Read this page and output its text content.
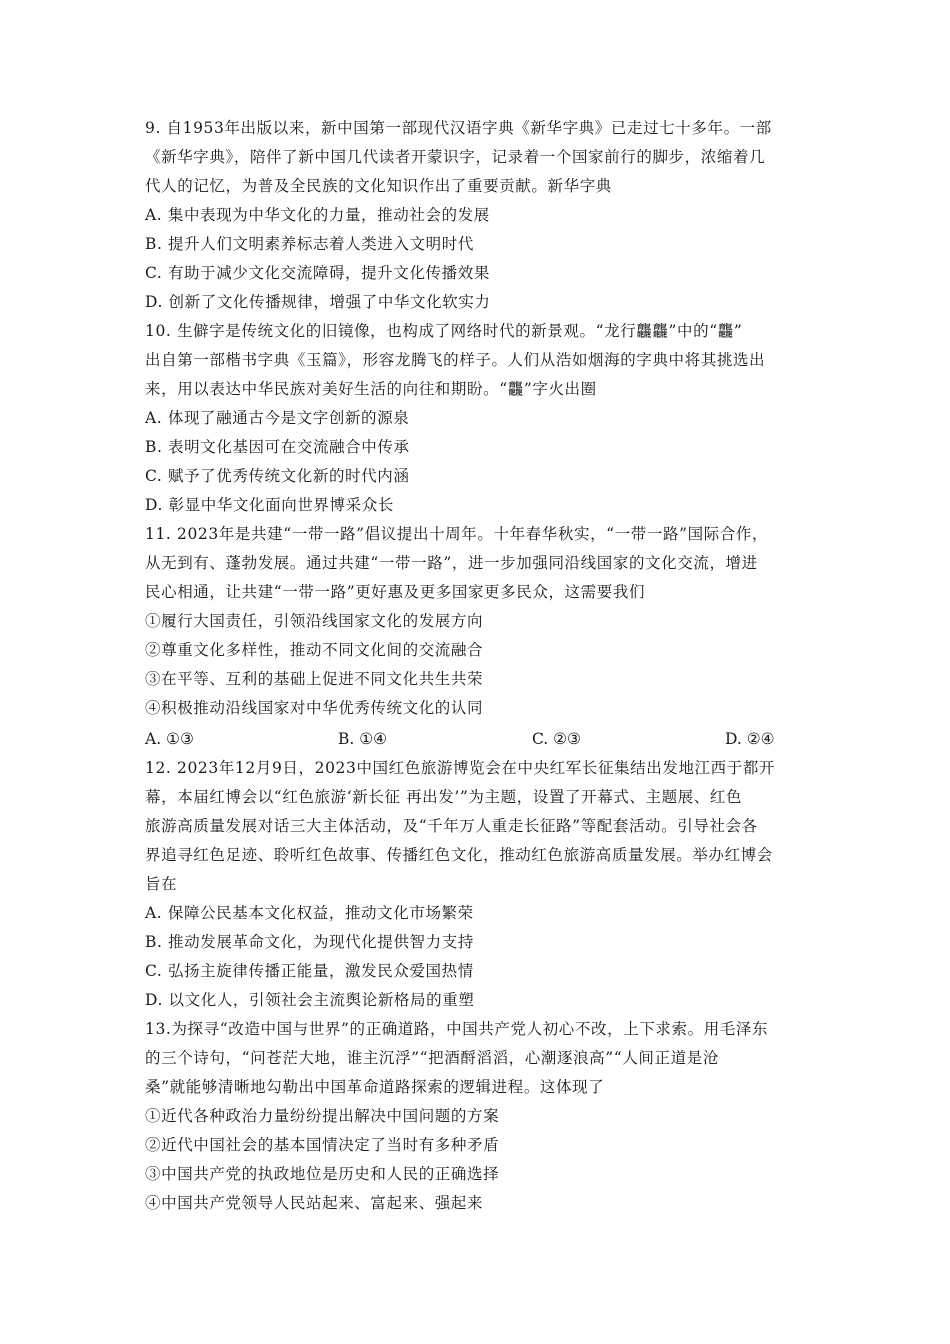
9. 自1953年出版以来，新中国第一部现代汉语字典《新华字典》已走过七十多年。一部
《新华字典》，陪伴了新中国几代读者开蒙识字，记录着一个国家前行的脚步，浓缩着几
代人的记忆，为普及全民族的文化知识作出了重要贡献。新华字典
A. 集中表现为中华文化的力量，推动社会的发展
B. 提升人们文明素养标志着人类进入文明时代
C. 有助于减少文化交流障碍，提升文化传播效果
D. 创新了文化传播规律，增强了中华文化软实力
10. 生僻字是传统文化的旧镜像，也构成了网络时代的新景观。“龙行龘龘”中的“龘”
出自第一部楷书字典《玉篇》，形容龙腾飞的样子。人们从浩如烟海的字典中将其挑选出
来，用以表达中华民族对美好生活的向往和期盼。“龘”字火出圈
A. 体现了融通古今是文字创新的源泉
B. 表明文化基因可在交流融合中传承
C. 赋予了优秀传统文化新的时代内涵
D. 彰显中华文化面向世界博采众长
11. 2023年是共建“一带一路”倡议提出十周年。十年春华秋实，“一带一路”国际合作，
从无到有、蓬勃发展。通过共建“一带一路”，进一步加强同沿线国家的文化交流，增进
民心相通，让共建“一带一路”更好惠及更多国家更多民众，这需要我们
①履行大国责任，引领沿线国家文化的发展方向
②尊重文化多样性，推动不同文化间的交流融合
③在平等、互利的基础上促进不同文化共生共荣
④积极推动沿线国家对中华优秀传统文化的认同
A. ①③	B. ①④	C. ②③	D. ②④
12. 2023年12月9日，2023中国红色旅游博览会在中央红军长征集结出发地江西于都开
幕，本届红博会以“红色旅游‘新长征 再出发’”为主题，设置了开幕式、主题展、红色
旅游高质量发展对话三大主体活动，及“千年万人重走长征路”等配套活动。引导社会各
界追寻红色足迹、聆听红色故事、传播红色文化，推动红色旅游高质量发展。举办红博会
旨在
A. 保障公民基本文化权益，推动文化市场繁荣
B. 推动发展革命文化，为现代化提供智力支持
C. 弘扬主旋律传播正能量，激发民众爱国热情
D. 以文化人，引领社会主流舆论新格局的重塑
13.为探寻“改造中国与世界”的正确道路，中国共产党人初心不改，上下求索。用毛泽东
的三个诗句，“问苍茫大地，谁主沉浮”“把酒酹滔滔，心潮逐浪高”“人间正道是沧
桑”就能够清晰地勾勒出中国革命道路探索的逻辑进程。这体现了
①近代各种政治力量纷纷提出解决中国问题的方案
②近代中国社会的基本国情决定了当时有多种矛盾
③中国共产党的执政地位是历史和人民的正确选择
④中国共产党领导人民站起来、富起来、强起来
